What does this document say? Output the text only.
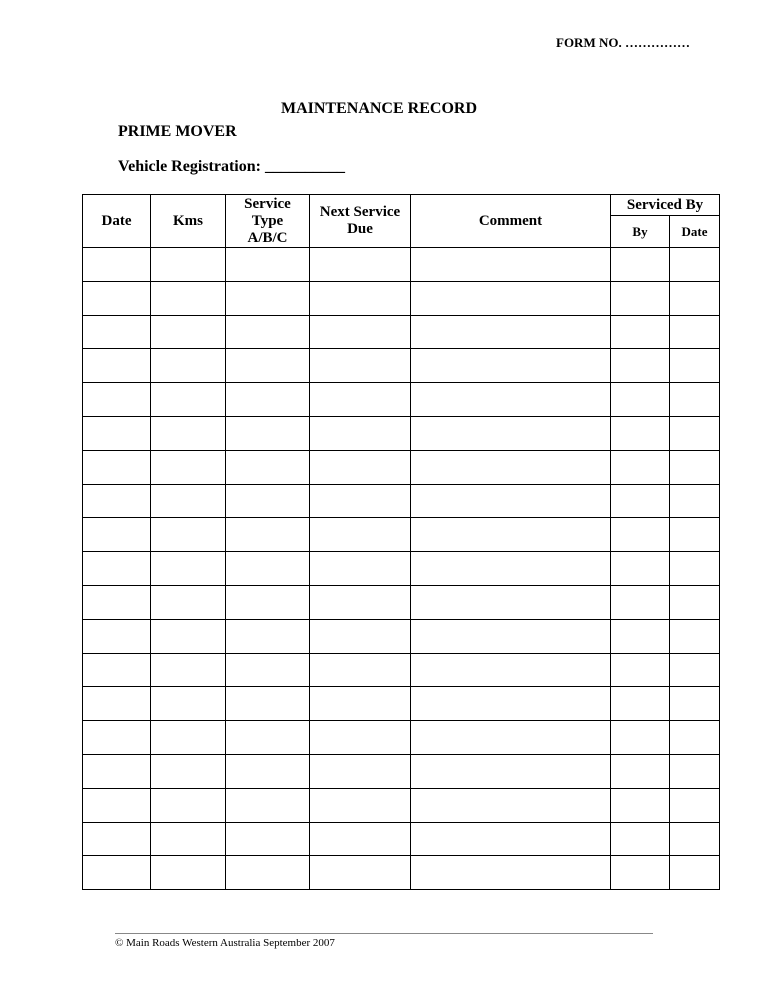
FORM NO. ……………
MAINTENANCE RECORD
PRIME MOVER
Vehicle Registration: __________
Date	Kms	Service Type A/B/C	Next Service Due	Comment	Serviced By	
					By	Date

© Main Roads Western Australia September 2007
